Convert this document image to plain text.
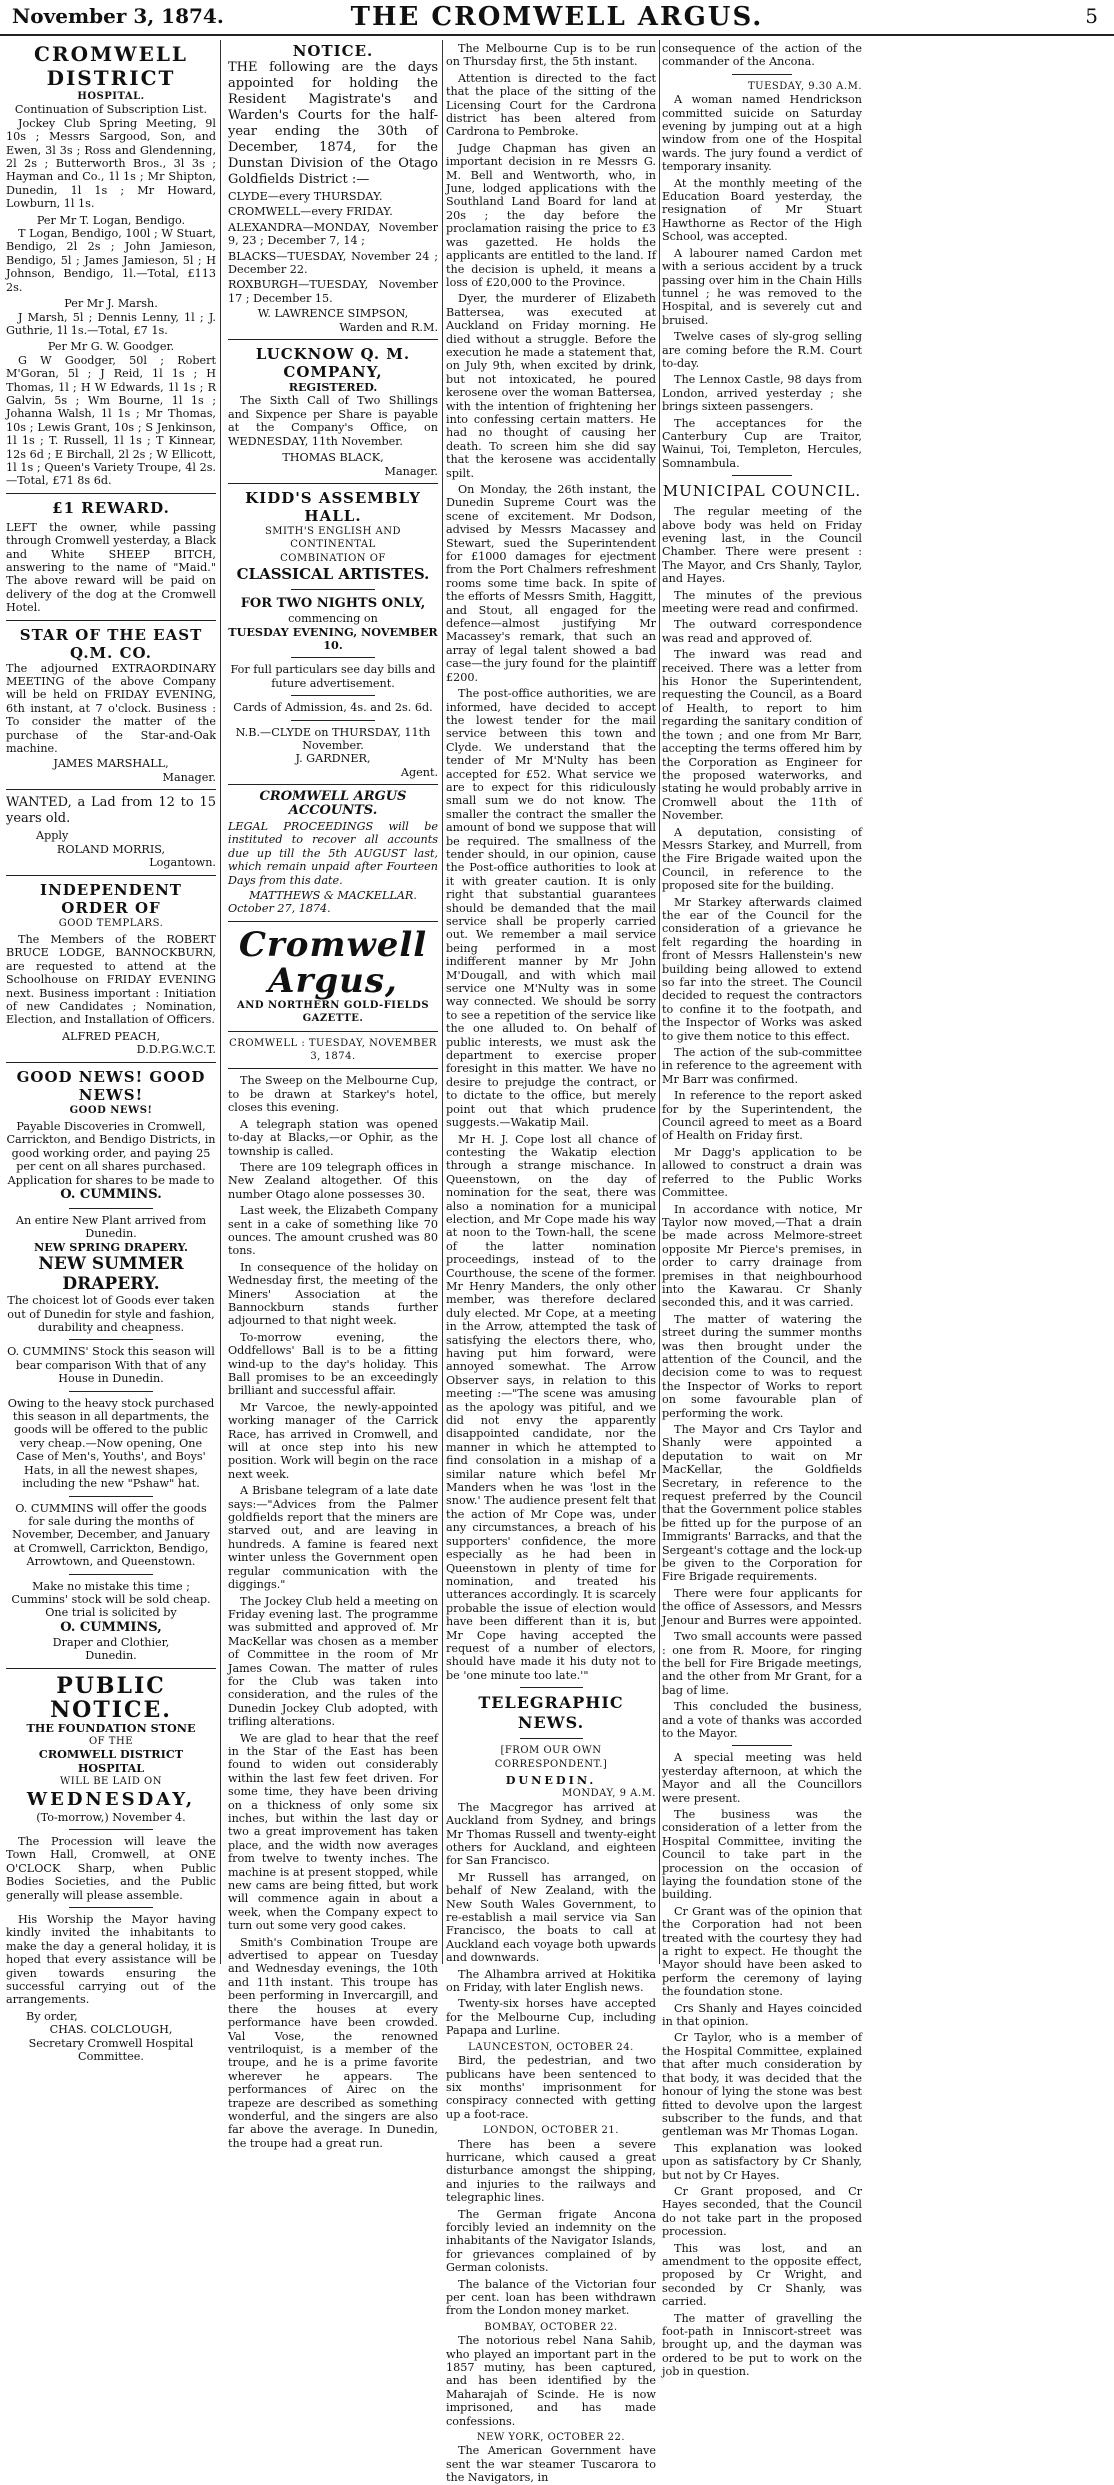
November 3, 1874.	THE CROMWELL ARGUS.	5
CROMWELL DISTRICT
HOSPITAL.
Continuation of Subscription List.
Jockey Club Spring Meeting, 9l 10s ; Messrs Sargood, Son, and Ewen, 3l 3s ; Ross and Glendenning, 2l 2s ; Butterworth Bros., 3l 3s ; Hayman and Co., 1l 1s ; Mr Shipton, Dunedin, 1l 1s ; Mr Howard, Lowburn, 1l 1s.
Per Mr T. Logan, Bendigo.
T Logan, Bendigo, 100l ; W Stuart, Bendigo, 2l 2s ; John Jamieson, Bendigo, 5l ; James Jamieson, 5l ; H Johnson, Bendigo, 1l.—Total, £113 2s.
Per Mr J. Marsh.
J Marsh, 5l ; Dennis Lenny, 1l ; J. Guthrie, 1l 1s.—Total, £7 1s.
Per Mr G. W. Goodger.
G W Goodger, 50l ; Robert M'Goran, 5l ; J Reid, 1l 1s ; H Thomas, 1l ; H W Edwards, 1l 1s ; R Galvin, 5s ; Wm Bourne, 1l 1s ; Johanna Walsh, 1l 1s ; Mr Thomas, 10s ; Lewis Grant, 10s ; S Jenkinson, 1l 1s ; T. Russell, 1l 1s ; T Kinnear, 12s 6d ; E Birchall, 2l 2s ; W Ellicott, 1l 1s ; Queen's Variety Troupe, 4l 2s.—Total, £71 8s 6d.
£1 REWARD.
LEFT the owner, while passing through Cromwell yesterday, a Black and White SHEEP BITCH, answering to the name of "Maid." The above reward will be paid on delivery of the dog at the Cromwell Hotel.
STAR OF THE EAST Q.M. CO.
The adjourned EXTRAORDINARY MEETING of the above Company will be held on FRIDAY EVENING, 6th instant, at 7 o'clock. Business : To consider the matter of the purchase of the Star-and-Oak machine.
JAMES MARSHALL,
Manager.
WANTED, a Lad from 12 to 15 years old.
Apply
ROLAND MORRIS,
Logantown.
INDEPENDENT ORDER OF
GOOD TEMPLARS.
The Members of the ROBERT BRUCE LODGE, BANNOCKBURN, are requested to attend at the Schoolhouse on FRIDAY EVENING next. Business important : Initiation of new Candidates ; Nomination, Election, and Installation of Officers.
ALFRED PEACH,
D.D.P.G.W.C.T.
GOOD NEWS! GOOD NEWS!
GOOD NEWS!
Payable Discoveries in Cromwell, Carrickton, and Bendigo Districts, in good working order, and paying 25 per cent on all shares purchased.
Application for shares to be made to
O. CUMMINS.
An entire New Plant arrived from Dunedin.
NEW SPRING DRAPERY.
NEW SUMMER DRAPERY.
The choicest lot of Goods ever taken out of Dunedin for style and fashion, durability and cheapness.
O. CUMMINS' Stock this season will bear comparison With that of any House in Dunedin.
Owing to the heavy stock purchased this season in all departments, the goods will be offered to the public very cheap.—Now opening, One Case of Men's, Youths', and Boys' Hats, in all the newest shapes, including the new "Pshaw" hat.
O. CUMMINS will offer the goods for sale during the months of November, December, and January at Cromwell, Carrickton, Bendigo, Arrowtown, and Queenstown.
Make no mistake this time ; Cummins' stock will be sold cheap. One trial is solicited by
O. CUMMINS,
Draper and Clothier,
Dunedin.
PUBLIC NOTICE.
THE FOUNDATION STONE
OF THE
CROMWELL DISTRICT HOSPITAL
WILL BE LAID ON
WEDNESDAY,
(To-morrow,) November 4.
The Procession will leave the Town Hall, Cromwell, at ONE O'CLOCK Sharp, when Public Bodies Societies, and the Public generally will please assemble.
His Worship the Mayor having kindly invited the inhabitants to make the day a general holiday, it is hoped that every assistance will be given towards ensuring the successful carrying out of the arrangements.
By order,
CHAS. COLCLOUGH,
Secretary Cromwell Hospital Committee.
NOTICE.
THE following are the days appointed for holding the Resident Magistrate's and Warden's Courts for the half-year ending the 30th of December, 1874, for the Dunstan Division of the Otago Goldfields District :—
CLYDE—every THURSDAY.
CROMWELL—every FRIDAY.
ALEXANDRA—MONDAY, November 9, 23 ; December 7, 14 ;
BLACKS—TUESDAY, November 24 ; December 22.
ROXBURGH—TUESDAY, November 17 ; December 15.
W. LAWRENCE SIMPSON,
Warden and R.M.
LUCKNOW Q. M. COMPANY,
REGISTERED.
The Sixth Call of Two Shillings and Sixpence per Share is payable at the Company's Office, on WEDNESDAY, 11th November.
THOMAS BLACK,
Manager.
KIDD'S ASSEMBLY HALL.
SMITH'S ENGLISH AND CONTINENTAL
COMBINATION OF
CLASSICAL ARTISTES.
FOR TWO NIGHTS ONLY,
commencing on
TUESDAY EVENING, NOVEMBER 10.
For full particulars see day bills and future advertisement.
Cards of Admission, 4s. and 2s. 6d.
N.B.—CLYDE on THURSDAY, 11th November.
J. GARDNER,
Agent.
CROMWELL ARGUS ACCOUNTS.
LEGAL PROCEEDINGS will be instituted to recover all accounts due up till the 5th AUGUST last, which remain unpaid after Fourteen Days from this date.
MATTHEWS & MACKELLAR.
October 27, 1874.
Cromwell Argus,
AND NORTHERN GOLD-FIELDS GAZETTE.
CROMWELL : TUESDAY, NOVEMBER 3, 1874.
The Sweep on the Melbourne Cup, to be drawn at Starkey's hotel, closes this evening.
A telegraph station was opened to-day at Blacks,—or Ophir, as the township is called.
There are 109 telegraph offices in New Zealand altogether. Of this number Otago alone possesses 30.
Last week, the Elizabeth Company sent in a cake of something like 70 ounces. The amount crushed was 80 tons.
In consequence of the holiday on Wednesday first, the meeting of the Miners' Association at the Bannockburn stands further adjourned to that night week.
To-morrow evening, the Oddfellows' Ball is to be a fitting wind-up to the day's holiday. This Ball promises to be an exceedingly brilliant and successful affair.
Mr Varcoe, the newly-appointed working manager of the Carrick Race, has arrived in Cromwell, and will at once step into his new position. Work will begin on the race next week.
A Brisbane telegram of a late date says:—"Advices from the Palmer goldfields report that the miners are starved out, and are leaving in hundreds. A famine is feared next winter unless the Government open regular communication with the diggings."
The Jockey Club held a meeting on Friday evening last. The programme was submitted and approved of. Mr MacKellar was chosen as a member of Committee in the room of Mr James Cowan. The matter of rules for the Club was taken into consideration, and the rules of the Dunedin Jockey Club adopted, with trifling alterations.
We are glad to hear that the reef in the Star of the East has been found to widen out considerably within the last few feet driven. For some time, they have been driving on a thickness of only some six inches, but within the last day or two a great improvement has taken place, and the width now averages from twelve to twenty inches. The machine is at present stopped, while new cams are being fitted, but work will commence again in about a week, when the Company expect to turn out some very good cakes.
Smith's Combination Troupe are advertised to appear on Tuesday and Wednesday evenings, the 10th and 11th instant. This troupe has been performing in Invercargill, and there the houses at every performance have been crowded. Val Vose, the renowned ventriloquist, is a member of the troupe, and he is a prime favorite wherever he appears. The performances of Airec on the trapeze are described as something wonderful, and the singers are also far above the average. In Dunedin, the troupe had a great run.
The Melbourne Cup is to be run on Thursday first, the 5th instant.
Attention is directed to the fact that the place of the sitting of the Licensing Court for the Cardrona district has been altered from Cardrona to Pembroke.
Judge Chapman has given an important decision in re Messrs G. M. Bell and Wentworth, who, in June, lodged applications with the Southland Land Board for land at 20s ; the day before the proclamation raising the price to £3 was gazetted. He holds the applicants are entitled to the land. If the decision is upheld, it means a loss of £20,000 to the Province.
Dyer, the murderer of Elizabeth Battersea, was executed at Auckland on Friday morning. He died without a struggle. Before the execution he made a statement that, on July 9th, when excited by drink, but not intoxicated, he poured kerosene over the woman Battersea, with the intention of frightening her into confessing certain matters. He had no thought of causing her death. To screen him she did say that the kerosene was accidentally spilt.
On Monday, the 26th instant, the Dunedin Supreme Court was the scene of excitement. Mr Dodson, advised by Messrs Macassey and Stewart, sued the Superintendent for £1000 damages for ejectment from the Port Chalmers refreshment rooms some time back. In spite of the efforts of Messrs Smith, Haggitt, and Stout, all engaged for the defence—almost justifying Mr Macassey's remark, that such an array of legal talent showed a bad case—the jury found for the plaintiff £200.
The post-office authorities, we are informed, have decided to accept the lowest tender for the mail service between this town and Clyde. We understand that the tender of Mr M'Nulty has been accepted for £52. What service we are to expect for this ridiculously small sum we do not know. The smaller the contract the smaller the amount of bond we suppose that will be required. The smallness of the tender should, in our opinion, cause the Post-office authorities to look at it with greater caution. It is only right that substantial guarantees should be demanded that the mail service shall be properly carried out. We remember a mail service being performed in a most indifferent manner by Mr John M'Dougall, and with which mail service one M'Nulty was in some way connected. We should be sorry to see a repetition of the service like the one alluded to. On behalf of public interests, we must ask the department to exercise proper foresight in this matter. We have no desire to prejudge the contract, or to dictate to the office, but merely point out that which prudence suggests.—Wakatip Mail.
Mr H. J. Cope lost all chance of contesting the Wakatip election through a strange mischance. In Queenstown, on the day of nomination for the seat, there was also a nomination for a municipal election, and Mr Cope made his way at noon to the Town-hall, the scene of the latter nomination proceedings, instead of to the Courthouse, the scene of the former. Mr Henry Manders, the only other member, was therefore declared duly elected. Mr Cope, at a meeting in the Arrow, attempted the task of satisfying the electors there, who, having put him forward, were annoyed somewhat. The Arrow Observer says, in relation to this meeting :—"The scene was amusing as the apology was pitiful, and we did not envy the apparently disappointed candidate, nor the manner in which he attempted to find consolation in a mishap of a similar nature which befel Mr Manders when he was 'lost in the snow.' The audience present felt that the action of Mr Cope was, under any circumstances, a breach of his supporters' confidence, the more especially as he had been in Queenstown in plenty of time for nomination, and treated his utterances accordingly. It is scarcely probable the issue of election would have been different than it is, but Mr Cope having accepted the request of a number of electors, should have made it his duty not to be 'one minute too late.'"
TELEGRAPHIC NEWS.
[FROM OUR OWN CORRESPONDENT.]
DUNEDIN.
MONDAY, 9 A.M.
The Macgregor has arrived at Auckland from Sydney, and brings Mr Thomas Russell and twenty-eight others for Auckland, and eighteen for San Francisco.
Mr Russell has arranged, on behalf of New Zealand, with the New South Wales Government, to re-establish a mail service via San Francisco, the boats to call at Auckland each voyage both upwards and downwards.
The Alhambra arrived at Hokitika on Friday, with later English news.
Twenty-six horses have accepted for the Melbourne Cup, including Papapa and Lurline.
LAUNCESTON, OCTOBER 24.
Bird, the pedestrian, and two publicans have been sentenced to six months' imprisonment for conspiracy connected with getting up a foot-race.
LONDON, OCTOBER 21.
There has been a severe hurricane, which caused a great disturbance amongst the shipping, and injuries to the railways and telegraphic lines.
The German frigate Ancona forcibly levied an indemnity on the inhabitants of the Navigator Islands, for grievances complained of by German colonists.
The balance of the Victorian four per cent. loan has been withdrawn from the London money market.
BOMBAY, OCTOBER 22.
The notorious rebel Nana Sahib, who played an important part in the 1857 mutiny, has been captured, and has been identified by the Maharajah of Scinde. He is now imprisoned, and has made confessions.
NEW YORK, OCTOBER 22.
The American Government have sent the war steamer Tuscarora to the Navigators, in
consequence of the action of the commander of the Ancona.
TUESDAY, 9.30 A.M.
A woman named Hendrickson committed suicide on Saturday evening by jumping out at a high window from one of the Hospital wards. The jury found a verdict of temporary insanity.
At the monthly meeting of the Education Board yesterday, the resignation of Mr Stuart Hawthorne as Rector of the High School, was accepted.
A labourer named Cardon met with a serious accident by a truck passing over him in the Chain Hills tunnel ; he was removed to the Hospital, and is severely cut and bruised.
Twelve cases of sly-grog selling are coming before the R.M. Court to-day.
The Lennox Castle, 98 days from London, arrived yesterday ; she brings sixteen passengers.
The acceptances for the Canterbury Cup are Traitor, Wainui, Toi, Templeton, Hercules, Somnambula.
MUNICIPAL COUNCIL.
The regular meeting of the above body was held on Friday evening last, in the Council Chamber. There were present : The Mayor, and Crs Shanly, Taylor, and Hayes.
The minutes of the previous meeting were read and confirmed.
The outward correspondence was read and approved of.
The inward was read and received. There was a letter from his Honor the Superintendent, requesting the Council, as a Board of Health, to report to him regarding the sanitary condition of the town ; and one from Mr Barr, accepting the terms offered him by the Corporation as Engineer for the proposed waterworks, and stating he would probably arrive in Cromwell about the 11th of November.
A deputation, consisting of Messrs Starkey, and Murrell, from the Fire Brigade waited upon the Council, in reference to the proposed site for the building.
Mr Starkey afterwards claimed the ear of the Council for the consideration of a grievance he felt regarding the hoarding in front of Messrs Hallenstein's new building being allowed to extend so far into the street. The Council decided to request the contractors to confine it to the footpath, and the Inspector of Works was asked to give them notice to this effect.
The action of the sub-committee in reference to the agreement with Mr Barr was confirmed.
In reference to the report asked for by the Superintendent, the Council agreed to meet as a Board of Health on Friday first.
Mr Dagg's application to be allowed to construct a drain was referred to the Public Works Committee.
In accordance with notice, Mr Taylor now moved,—That a drain be made across Melmore-street opposite Mr Pierce's premises, in order to carry drainage from premises in that neighbourhood into the Kawarau. Cr Shanly seconded this, and it was carried.
The matter of watering the street during the summer months was then brought under the attention of the Council, and the decision come to was to request the Inspector of Works to report on some favourable plan of performing the work.
The Mayor and Crs Taylor and Shanly were appointed a deputation to wait on Mr MacKellar, the Goldfields Secretary, in reference to the request preferred by the Council that the Government police stables be fitted up for the purpose of an Immigrants' Barracks, and that the Sergeant's cottage and the lock-up be given to the Corporation for Fire Brigade requirements.
There were four applicants for the office of Assessors, and Messrs Jenour and Burres were appointed.
Two small accounts were passed : one from R. Moore, for ringing the bell for Fire Brigade meetings, and the other from Mr Grant, for a bag of lime.
This concluded the business, and a vote of thanks was accorded to the Mayor.
A special meeting was held yesterday afternoon, at which the Mayor and all the Councillors were present.
The business was the consideration of a letter from the Hospital Committee, inviting the Council to take part in the procession on the occasion of laying the foundation stone of the building.
Cr Grant was of the opinion that the Corporation had not been treated with the courtesy they had a right to expect. He thought the Mayor should have been asked to perform the ceremony of laying the foundation stone.
Crs Shanly and Hayes coincided in that opinion.
Cr Taylor, who is a member of the Hospital Committee, explained that after much consideration by that body, it was decided that the honour of lying the stone was best fitted to devolve upon the largest subscriber to the funds, and that gentleman was Mr Thomas Logan.
This explanation was looked upon as satisfactory by Cr Shanly, but not by Cr Hayes.
Cr Grant proposed, and Cr Hayes seconded, that the Council do not take part in the proposed procession.
This was lost, and an amendment to the opposite effect, proposed by Cr Wright, and seconded by Cr Shanly, was carried.
The matter of gravelling the foot-path in Inniscort-street was brought up, and the dayman was ordered to be put to work on the job in question.
